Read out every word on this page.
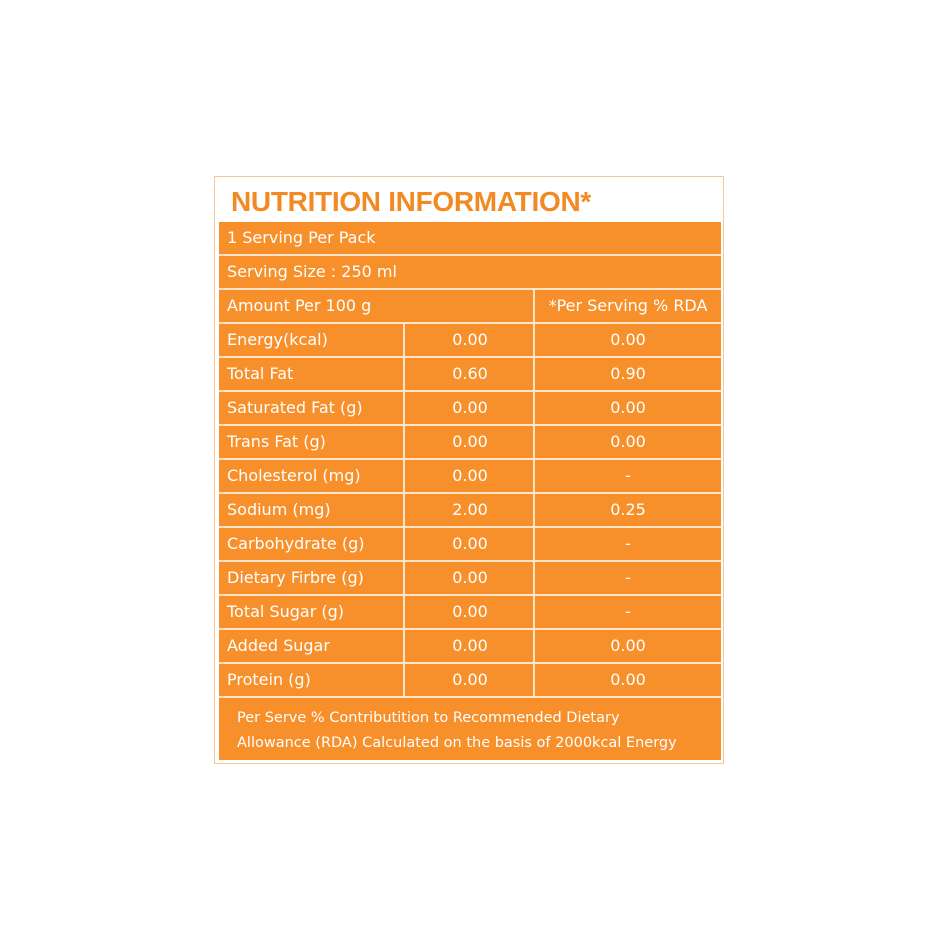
NUTRITION INFORMATION*
1 Serving Per Pack
Serving Size : 250 ml
Amount Per 100 g	*Per Serving % RDA
Energy(kcal)	0.00	0.00
Total Fat	0.60	0.90
Saturated Fat (g)	0.00	0.00
Trans Fat (g)	0.00	0.00
Cholesterol (mg)	0.00	-
Sodium (mg)	2.00	0.25
Carbohydrate (g)	0.00	-
Dietary Firbre (g)	0.00	-
Total Sugar (g)	0.00	-
Added Sugar	0.00	0.00
Protein (g)	0.00	0.00
Per Serve % Contributition to Recommended Dietary
Allowance (RDA) Calculated on the basis of 2000kcal Energy
